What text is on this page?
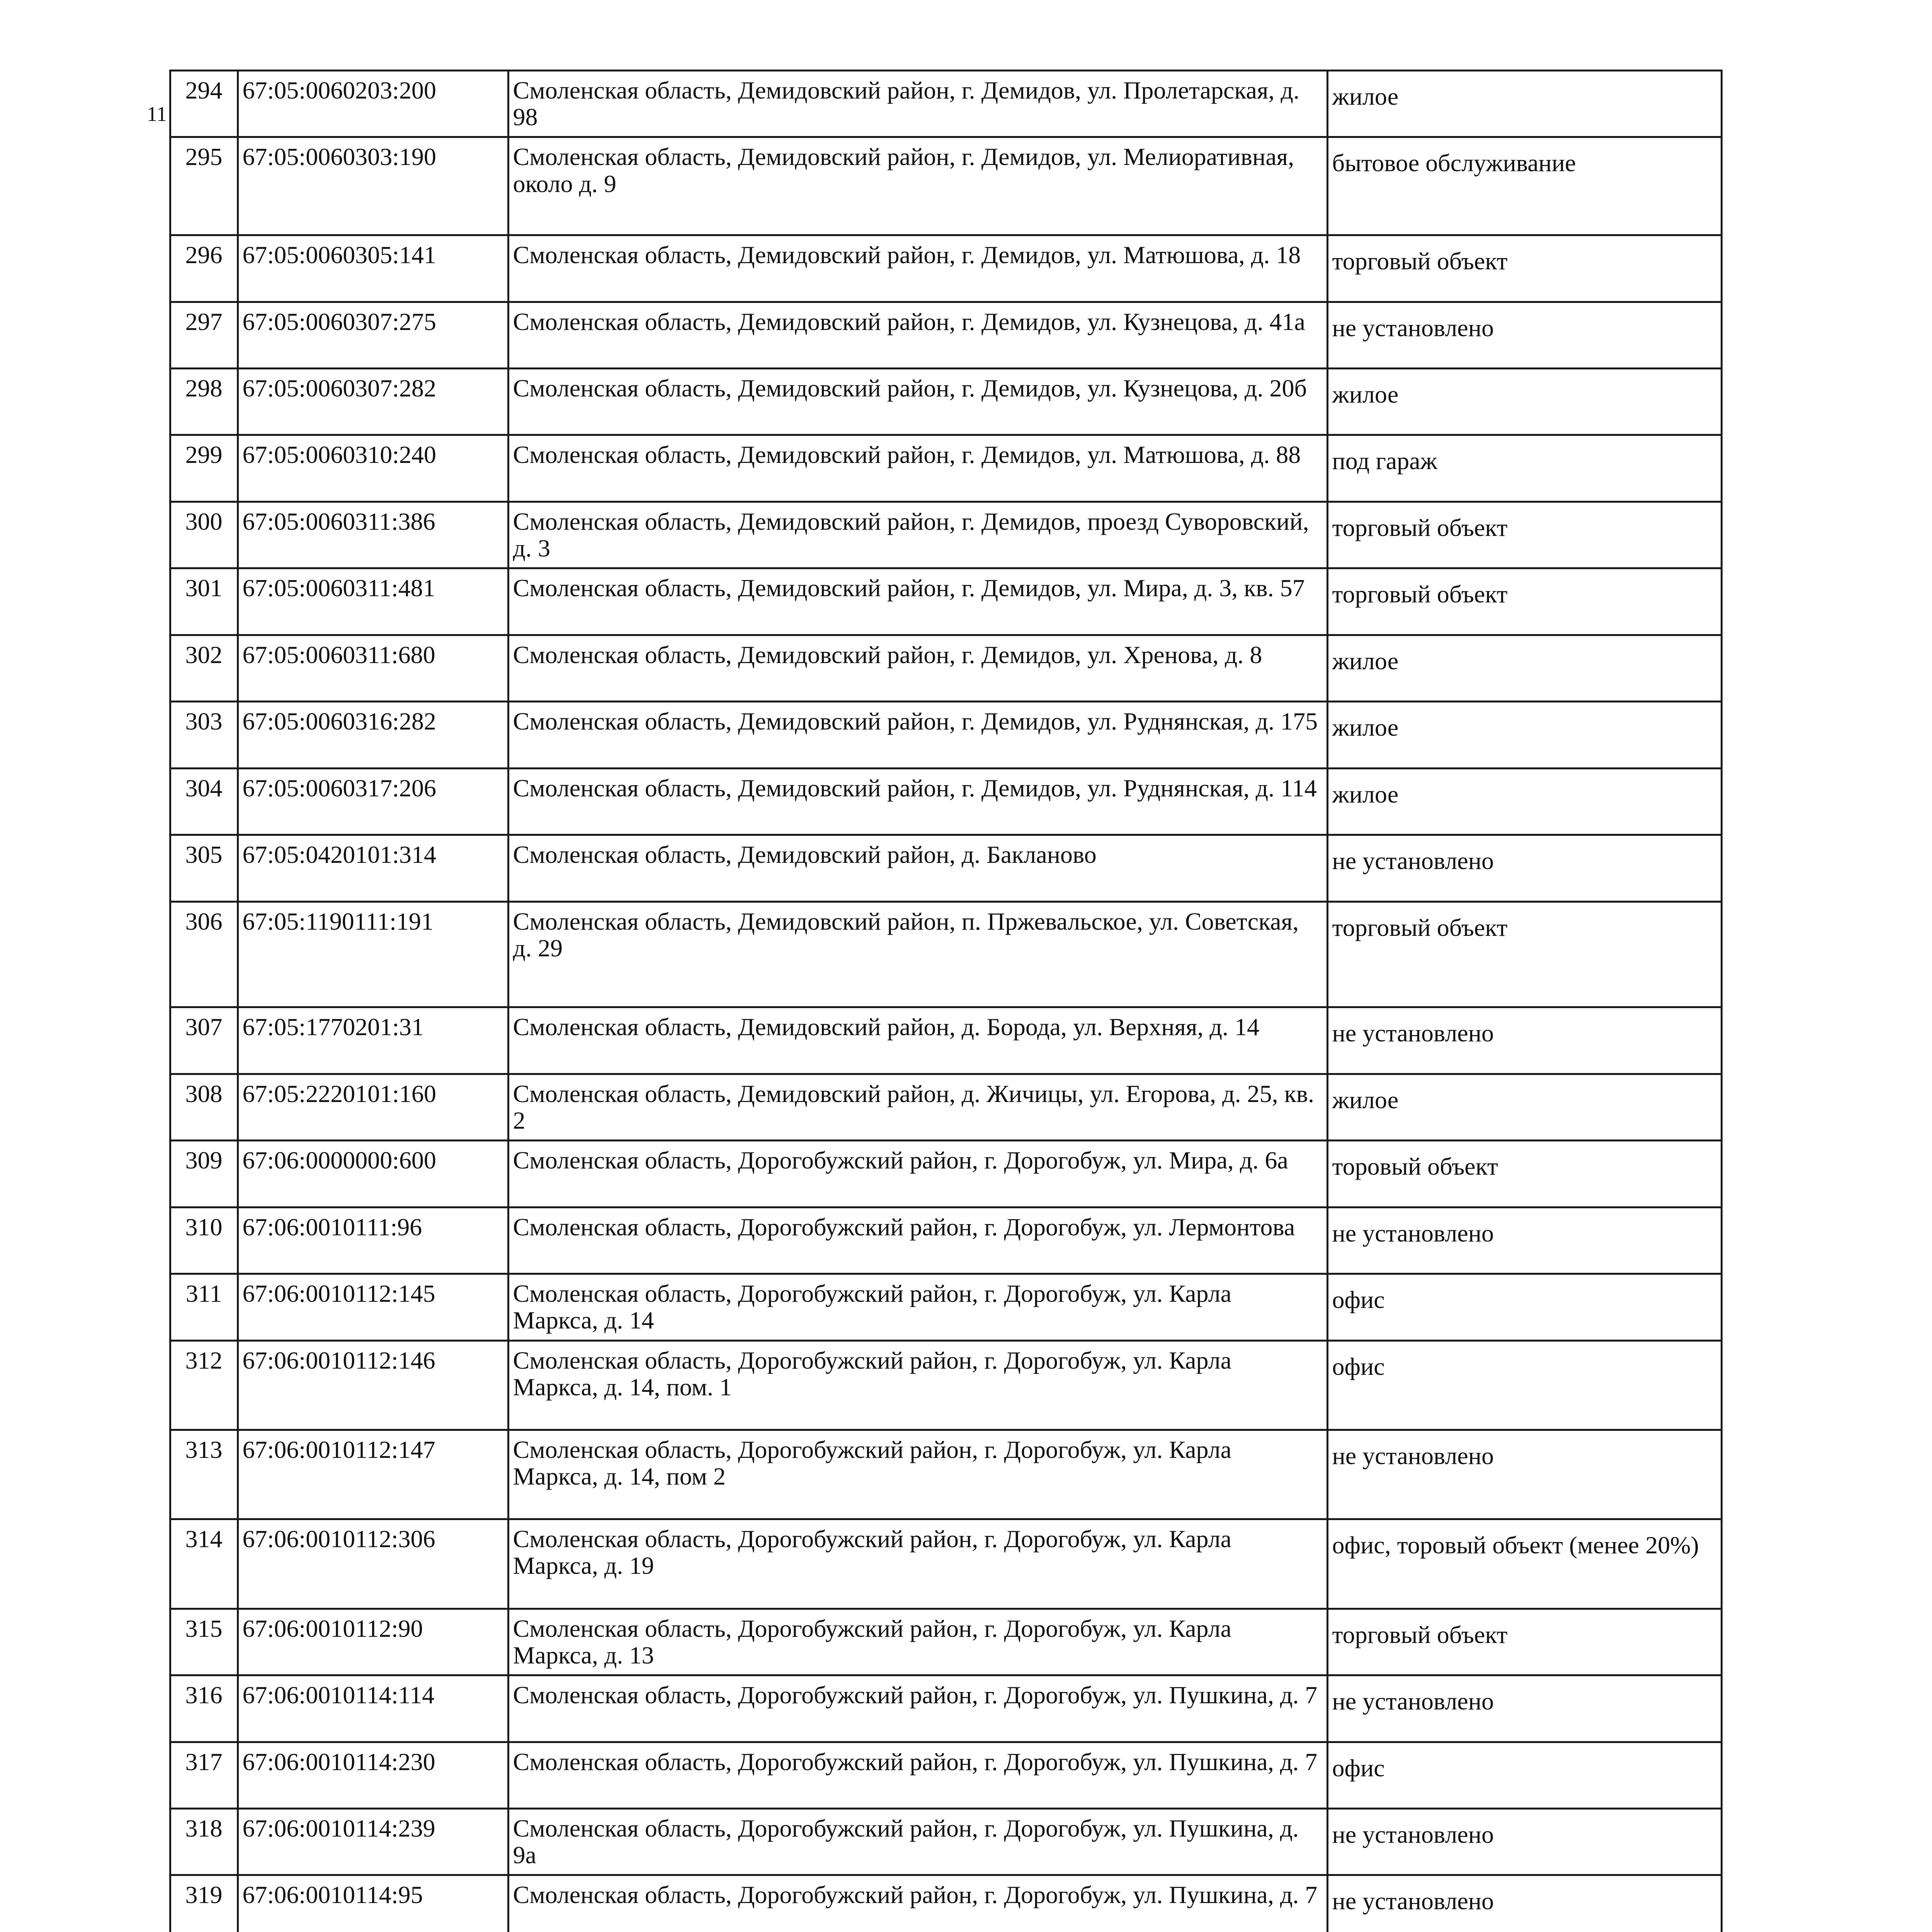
11
	294	67:05:0060203:200	Смоленская область, Демидовский район, г. Демидов, ул. Пролетарская, д. 98	жилое
	295	67:05:0060303:190	Смоленская область, Демидовский район, г. Демидов, ул. Мелиоративная, около д. 9	бытовое обслуживание
	296	67:05:0060305:141	Смоленская область, Демидовский район, г. Демидов, ул. Матюшова, д. 18	торговый объект
	297	67:05:0060307:275	Смоленская область, Демидовский район, г. Демидов, ул. Кузнецова, д. 41а	не установлено
	298	67:05:0060307:282	Смоленская область, Демидовский район, г. Демидов, ул. Кузнецова, д. 20б	жилое
	299	67:05:0060310:240	Смоленская область, Демидовский район, г. Демидов, ул. Матюшова, д. 88	под гараж
	300	67:05:0060311:386	Смоленская область, Демидовский район, г. Демидов, проезд Суворовский, д. 3	торговый объект
	301	67:05:0060311:481	Смоленская область, Демидовский район, г. Демидов, ул. Мира, д. 3, кв. 57	торговый объект
	302	67:05:0060311:680	Смоленская область, Демидовский район, г. Демидов, ул. Хренова, д. 8	жилое
	303	67:05:0060316:282	Смоленская область, Демидовский район, г. Демидов, ул. Руднянская, д. 175	жилое
	304	67:05:0060317:206	Смоленская область, Демидовский район, г. Демидов, ул. Руднянская, д. 114	жилое
	305	67:05:0420101:314	Смоленская область, Демидовский район, д. Бакланово	не установлено
	306	67:05:1190111:191	Смоленская область, Демидовский район, п. Пржевальское, ул. Советская, д. 29	торговый объект
	307	67:05:1770201:31	Смоленская область, Демидовский район, д. Борода, ул. Верхняя, д. 14	не установлено
	308	67:05:2220101:160	Смоленская область, Демидовский район, д. Жичицы, ул. Егорова, д. 25, кв. 2	жилое
	309	67:06:0000000:600	Смоленская область, Дорогобужский район, г. Дорогобуж, ул. Мира, д. 6а	торовый объект
	310	67:06:0010111:96	Смоленская область, Дорогобужский район, г. Дорогобуж, ул. Лермонтова	не установлено
	311	67:06:0010112:145	Смоленская область, Дорогобужский район, г. Дорогобуж, ул. Карла Маркса, д. 14	офис
	312	67:06:0010112:146	Смоленская область, Дорогобужский район, г. Дорогобуж, ул. Карла Маркса, д. 14, пом. 1	офис
	313	67:06:0010112:147	Смоленская область, Дорогобужский район, г. Дорогобуж, ул. Карла Маркса, д. 14, пом 2	не установлено
	314	67:06:0010112:306	Смоленская область, Дорогобужский район, г. Дорогобуж, ул. Карла Маркса, д. 19	офис, торовый объект (менее 20%)
	315	67:06:0010112:90	Смоленская область, Дорогобужский район, г. Дорогобуж, ул. Карла Маркса, д. 13	торговый объект
	316	67:06:0010114:114	Смоленская область, Дорогобужский район, г. Дорогобуж, ул. Пушкина, д. 7	не установлено
	317	67:06:0010114:230	Смоленская область, Дорогобужский район, г. Дорогобуж, ул. Пушкина, д. 7	офис
	318	67:06:0010114:239	Смоленская область, Дорогобужский район, г. Дорогобуж, ул. Пушкина, д. 9а	не установлено
	319	67:06:0010114:95	Смоленская область, Дорогобужский район, г. Дорогобуж, ул. Пушкина, д. 7	не установлено
